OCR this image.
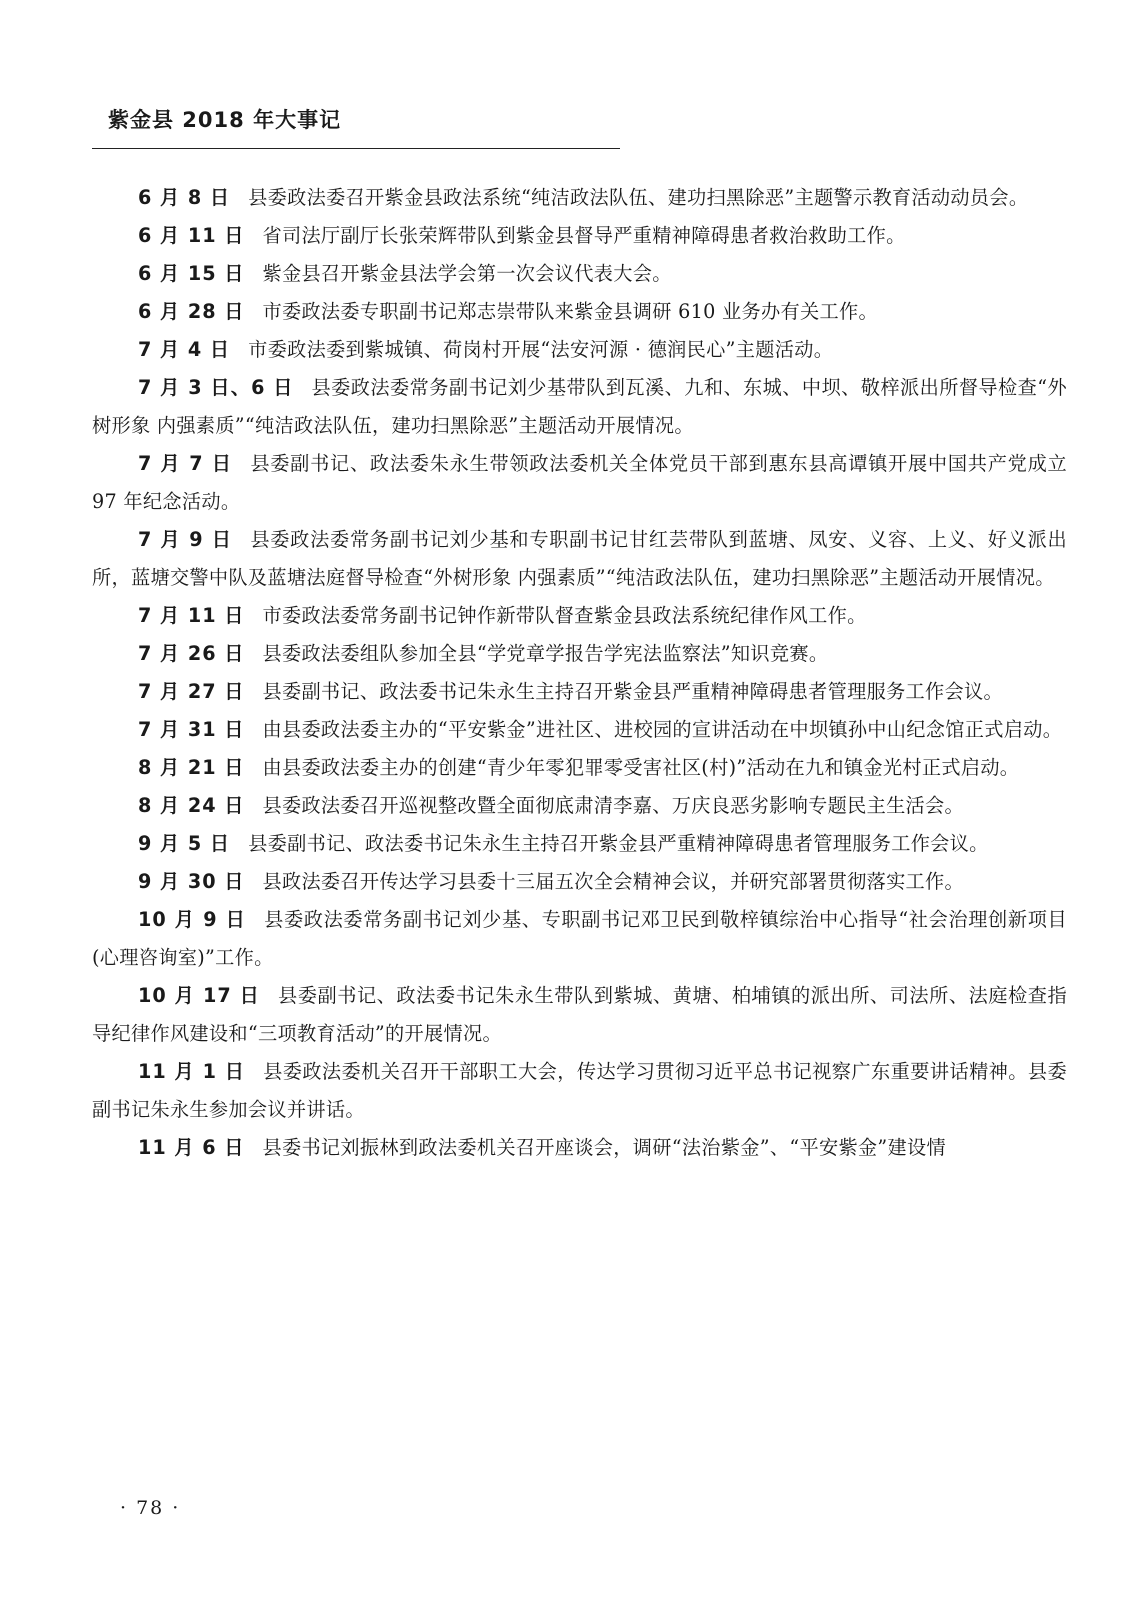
紫金县 2018 年大事记

6 月 8 日 县委政法委召开紫金县政法系统“纯洁政法队伍、建功扫黑除恶”主题警示教育活动动员会。

6 月 11 日 省司法厅副厅长张荣辉带队到紫金县督导严重精神障碍患者救治救助工作。

6 月 15 日 紫金县召开紫金县法学会第一次会议代表大会。

6 月 28 日 市委政法委专职副书记郑志崇带队来紫金县调研 610 业务办有关工作。

7 月 4 日 市委政法委到紫城镇、荷岗村开展“法安河源 · 德润民心”主题活动。

7 月 3 日、6 日 县委政法委常务副书记刘少基带队到瓦溪、九和、东城、中坝、敬梓派出所督导检查“外树形象 内强素质”“纯洁政法队伍，建功扫黑除恶”主题活动开展情况。

7 月 7 日 县委副书记、政法委朱永生带领政法委机关全体党员干部到惠东县高谭镇开展中国共产党成立 97 年纪念活动。

7 月 9 日 县委政法委常务副书记刘少基和专职副书记甘红芸带队到蓝塘、凤安、义容、上义、好义派出所，蓝塘交警中队及蓝塘法庭督导检查“外树形象 内强素质”“纯洁政法队伍，建功扫黑除恶”主题活动开展情况。

7 月 11 日 市委政法委常务副书记钟作新带队督查紫金县政法系统纪律作风工作。

7 月 26 日 县委政法委组队参加全县“学党章学报告学宪法监察法”知识竞赛。

7 月 27 日 县委副书记、政法委书记朱永生主持召开紫金县严重精神障碍患者管理服务工作会议。

7 月 31 日 由县委政法委主办的“平安紫金”进社区、进校园的宣讲活动在中坝镇孙中山纪念馆正式启动。

8 月 21 日 由县委政法委主办的创建“青少年零犯罪零受害社区(村)”活动在九和镇金光村正式启动。

8 月 24 日 县委政法委召开巡视整改暨全面彻底肃清李嘉、万庆良恶劣影响专题民主生活会。

9 月 5 日 县委副书记、政法委书记朱永生主持召开紫金县严重精神障碍患者管理服务工作会议。

9 月 30 日 县政法委召开传达学习县委十三届五次全会精神会议，并研究部署贯彻落实工作。

10 月 9 日 县委政法委常务副书记刘少基、专职副书记邓卫民到敬梓镇综治中心指导“社会治理创新项目(心理咨询室)”工作。

10 月 17 日 县委副书记、政法委书记朱永生带队到紫城、黄塘、柏埔镇的派出所、司法所、法庭检查指导纪律作风建设和“三项教育活动”的开展情况。

11 月 1 日 县委政法委机关召开干部职工大会，传达学习贯彻习近平总书记视察广东重要讲话精神。县委副书记朱永生参加会议并讲话。

11 月 6 日 县委书记刘振林到政法委机关召开座谈会，调研“法治紫金”、“平安紫金”建设情

· 78 ·
